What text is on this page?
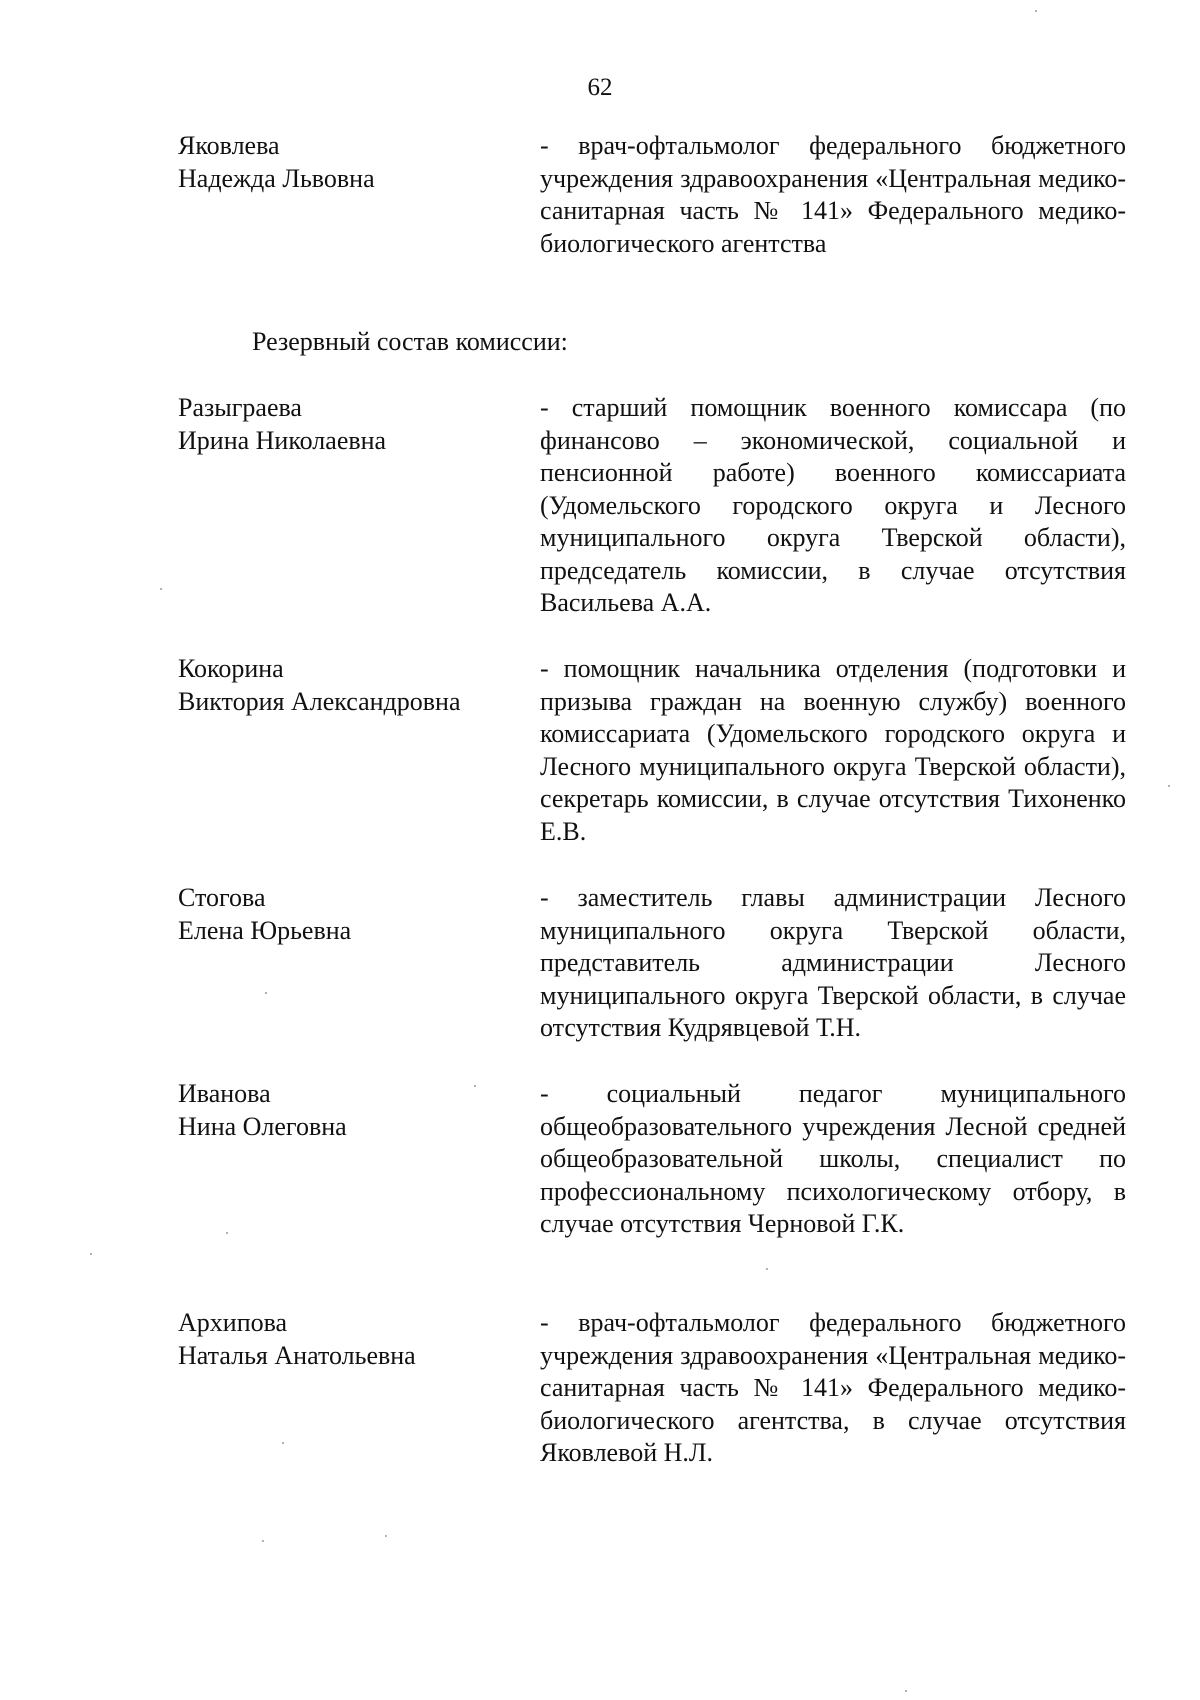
62
Яковлева
Надежда Львовна
- врач-офтальмолог федерального бюджетного учреждения здравоохранения «Центральная медико-санитарная часть № 141» Федерального медико-биологического агентства
Резервный состав комиссии:
Разыграева
Ирина Николаевна
- старший помощник военного комиссара (по финансово – экономической, социальной и пенсионной работе) военного комиссариата (Удомельского городского округа и Лесного муниципального округа Тверской области), председатель комиссии, в случае отсутствия Васильева А.А.
Кокорина
Виктория Александровна
- помощник начальника отделения (подготовки и призыва граждан на военную службу) военного комиссариата (Удомельского городского округа и Лесного муниципального округа Тверской области), секретарь комиссии, в случае отсутствия Тихоненко Е.В.
Стогова
Елена Юрьевна
- заместитель главы администрации Лесного муниципального округа Тверской области, представитель администрации Лесного муниципального округа Тверской области, в случае отсутствия Кудрявцевой Т.Н.
Иванова
Нина Олеговна
- социальный педагог муниципального общеобразовательного учреждения Лесной средней общеобразовательной школы, специалист по профессиональному психологическому отбору, в случае отсутствия Черновой Г.К.
Архипова
Наталья Анатольевна
- врач-офтальмолог федерального бюджетного учреждения здравоохранения «Центральная медико-санитарная часть № 141» Федерального медико-биологического агентства, в случае отсутствия Яковлевой Н.Л.
